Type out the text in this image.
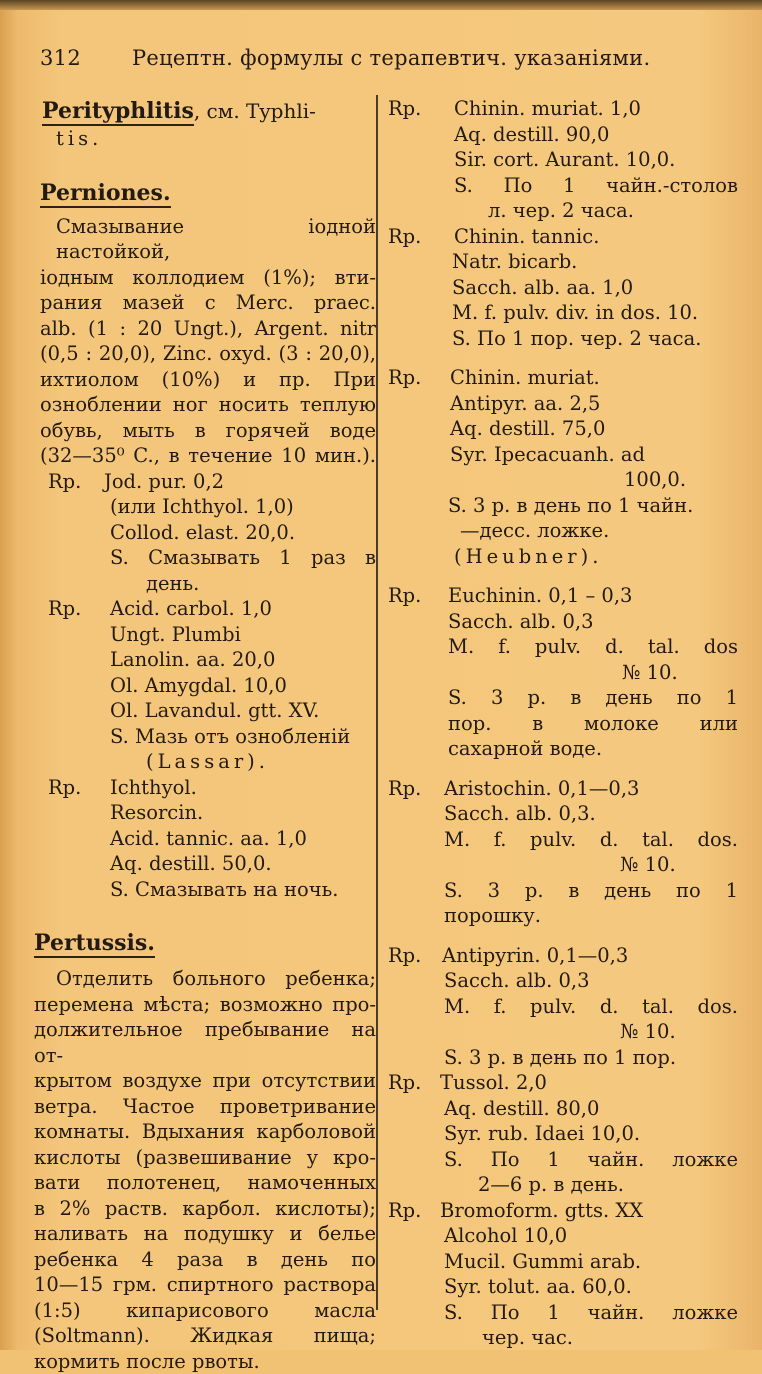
312 Рецептн. формулы с терапевтич. указаніями.
Perityphlitis, см. Typhli-
tis.
Perniones.
Смазывание іодной настойкой,
іодным коллодием (1%); вти-
рания мазей с Merc. praec.
alb. (1 : 20 Ungt.), Argent. nitr
(0,5 : 20,0), Zinc. oxyd. (3 : 20,0),
ихтиолом (10%) и пр. При
озноблении ног носить теплую
обувь, мыть в горячей воде
(32—35⁰ C., в течение 10 мин.).
Rp. Jod. pur. 0,2
(или Ichthyol. 1,0)
Collod. elast. 20,0.
S. Смазывать 1 раз в
день.
Rp. Acid. carbol. 1,0
Ungt. Plumbi
Lanolin. aa. 20,0
Ol. Amygdal. 10,0
Ol. Lavandul. gtt. XV.
S. Мазь отъ ознобленій
(Lassar).
Rp. Ichthyol.
Resorcin.
Acid. tannic. aa. 1,0
Aq. destill. 50,0.
S. Смазывать на ночь.
Pertussis.
Отделить больного ребенка;
перемена мѣста; возможно про-
должительное пребывание на от-
крытом воздухе при отсутствии
ветра. Частое проветривание
комнаты. Вдыхания карболовой
кислоты (развешивание у кро-
вати полотенец, намоченных
в 2% раств. карбол. кислоты);
наливать на подушку и белье
ребенка 4 раза в день по
10—15 грм. спиртного раствора
(1:5) кипарисового масла
(Soltmann). Жидкая пища;
кормить после рвоты.
Rp. Chinin. muriat. 1,0
Aq. destill. 90,0
Sir. cort. Aurant. 10,0.
S. По 1 чайн.-столов
л. чер. 2 часа.
Rp. Chinin. tannic.
Natr. bicarb.
Sacch. alb. aa. 1,0
M. f. pulv. div. in dos. 10.
S. По 1 пор. чер. 2 часа.
Rp. Chinin. muriat.
Antipyr. aa. 2,5
Aq. destill. 75,0
Syr. Ipecacuanh. ad
100,0.
S. 3 р. в день по 1 чайн.
—десс. ложке.
(Heubner).
Rp. Euchinin. 0,1 – 0,3
Sacch. alb. 0,3
M. f. pulv. d. tal. dos
№ 10.
S. 3 р. в день по 1
пор. в молоке или
сахарной воде.
Rp. Aristochin. 0,1—0,3
Sacch. alb. 0,3.
M. f. pulv. d. tal. dos.
№ 10.
S. 3 р. в день по 1
порошку.
Rp. Antipyrin. 0,1—0,3
Sacch. alb. 0,3
M. f. pulv. d. tal. dos.
№ 10.
S. 3 р. в день по 1 пор.
Rp. Tussol. 2,0
Aq. destill. 80,0
Syr. rub. Idaei 10,0.
S. По 1 чайн. ложке
2—6 р. в день.
Rp. Bromoform. gtts. XX
Alcohol 10,0
Mucil. Gummi arab.
Syr. tolut. aa. 60,0.
S. По 1 чайн. ложке
чер. час.
